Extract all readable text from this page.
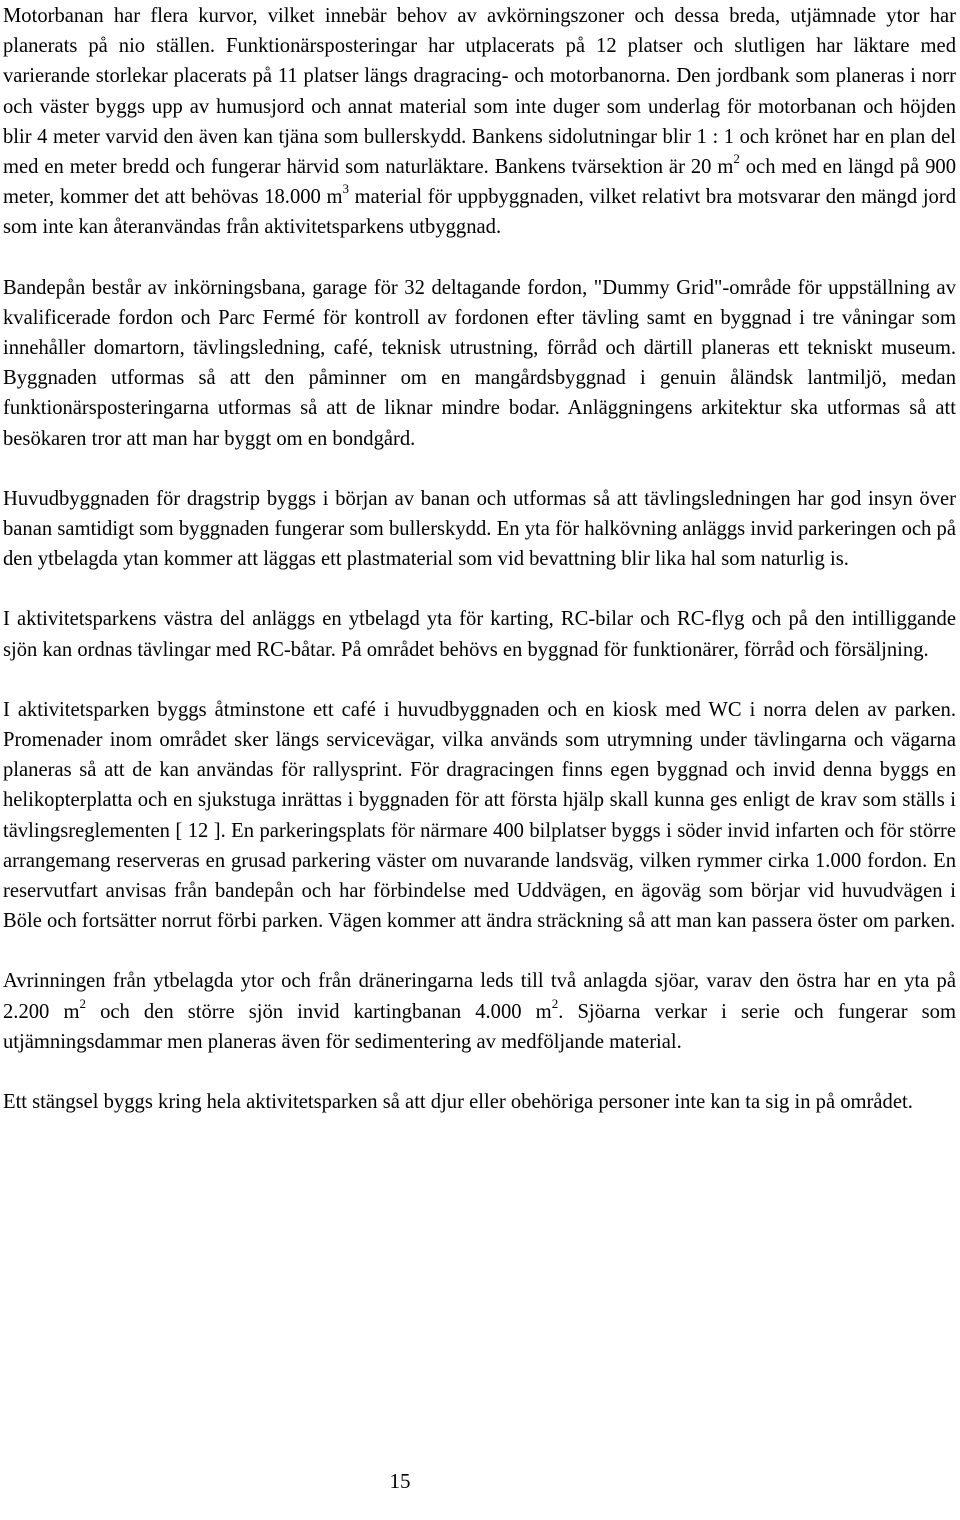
Motorbanan har flera kurvor, vilket innebär behov av avkörningszoner och dessa breda, utjämnade ytor har planerats på nio ställen. Funktionärsposteringar har utplacerats på 12 platser och slutligen har läktare med varierande storlekar placerats på 11 platser längs dragracing- och motorbanorna. Den jordbank som planeras i norr och väster byggs upp av humusjord och annat material som inte duger som underlag för motorbanan och höjden blir 4 meter varvid den även kan tjäna som bullerskydd. Bankens sidolutningar blir 1 : 1 och krönet har en plan del med en meter bredd och fungerar härvid som naturläktare. Bankens tvärsektion är 20 $m^2$ och med en längd på 900 meter, kommer det att behövas 18.000 $m^3$ material för uppbyggnaden, vilket relativt bra motsvarar den mängd jord som inte kan återanvändas från aktivitetsparkens utbyggnad.

Bandepån består av inkörningsbana, garage för 32 deltagande fordon, "Dummy Grid"-område för uppställning av kvalificerade fordon och Parc Fermé för kontroll av fordonen efter tävling samt en byggnad i tre våningar som innehåller domartorn, tävlingsledning, café, teknisk utrustning, förråd och därtill planeras ett tekniskt museum. Byggnaden utformas så att den påminner om en mangårdsbyggnad i genuin åländsk lantmiljö, medan funktionärsposteringarna utformas så att de liknar mindre bodar. Anläggningens arkitektur ska utformas så att besökaren tror att man har byggt om en bondgård.

Huvudbyggnaden för dragstrip byggs i början av banan och utformas så att tävlingsledningen har god insyn över banan samtidigt som byggnaden fungerar som bullerskydd. En yta för halkövning anläggs invid parkeringen och på den ytbelagda ytan kommer att läggas ett plastmaterial som vid bevattning blir lika hal som naturlig is.

I aktivitetsparkens västra del anläggs en ytbelagd yta för karting, RC-bilar och RC-flyg och på den intilliggande sjön kan ordnas tävlingar med RC-båtar. På området behövs en byggnad för funktionärer, förråd och försäljning.

I aktivitetsparken byggs åtminstone ett café i huvudbyggnaden och en kiosk med WC i norra delen av parken. Promenader inom området sker längs servicevägar, vilka används som utrymning under tävlingarna och vägarna planeras så att de kan användas för rallysprint. För dragracingen finns egen byggnad och invid denna byggs en helikopterplatta och en sjukstuga inrättas i byggnaden för att första hjälp skall kunna ges enligt de krav som ställs i tävlingsreglementen [ 12 ]. En parkeringsplats för närmare 400 bilplatser byggs i söder invid infarten och för större arrangemang reserveras en grusad parkering väster om nuvarande landsväg, vilken rymmer cirka 1.000 fordon. En reservutfart anvisas från bandepån och har förbindelse med Uddvägen, en ägoväg som börjar vid huvudvägen i Böle och fortsätter norrut förbi parken. Vägen kommer att ändra sträckning så att man kan passera öster om parken.

Avrinningen från ytbelagda ytor och från dräneringarna leds till två anlagda sjöar, varav den östra har en yta på 2.200 $m^2$ och den större sjön invid kartingbanan 4.000 $m^2$. Sjöarna verkar i serie och fungerar som utjämningsdammar men planeras även för sedimentering av medföljande material.

Ett stängsel byggs kring hela aktivitetsparken så att djur eller obehöriga personer inte kan ta sig in på området.

15
